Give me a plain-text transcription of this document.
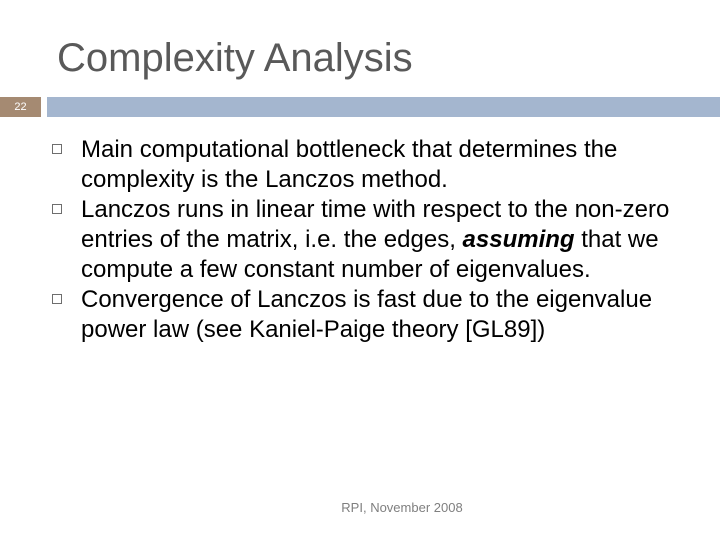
Complexity Analysis
22
Main computational bottleneck that determines the complexity is the Lanczos method.
Lanczos runs in linear time with respect to the non-zero entries of the matrix, i.e. the edges, assuming that we compute a few constant number of eigenvalues.
Convergence of Lanczos is fast due to the eigenvalue power law (see Kaniel-Paige theory [GL89])
RPI, November 2008
